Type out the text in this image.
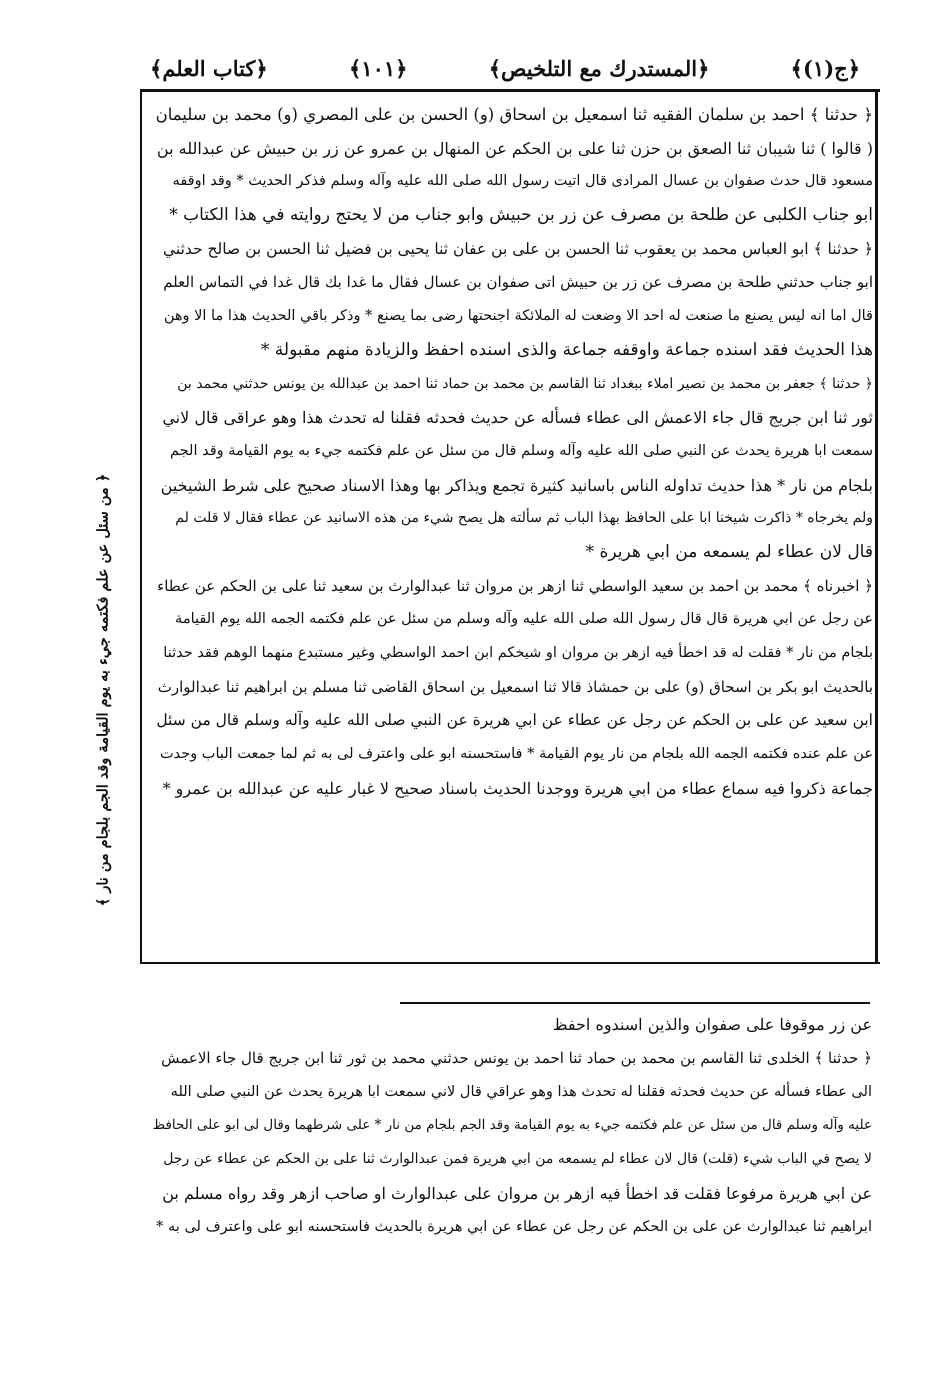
﴿ج(١)﴾
﴿المستدرك مع التلخيص﴾
﴿١٠١﴾
﴿كتاب العلم﴾
﴿ حدثنا ﴾ احمد بن سلمان الفقيه ثنا اسمعيل بن اسحاق (و) الحسن بن على المصري (و) محمد بن سليمان
( قالوا ) ثنا شيبان ثنا الصعق بن حزن ثنا على بن الحكم عن المنهال بن عمرو عن زر بن حبيش عن عبدالله بن
مسعود قال حدث صفوان بن عسال المرادى قال اتيت رسول الله صلى الله عليه وآله وسلم فذكر الحديث * وقد اوقفه
ابو جناب الكلبى عن طلحة بن مصرف عن زر بن حبيش وابو جناب من لا يحتج روايته في هذا الكتاب *
﴿ حدثنا ﴾ ابو العباس محمد بن يعقوب ثنا الحسن بن على بن عفان ثنا يحيى بن فضيل ثنا الحسن بن صالح حدثني
ابو جناب حدثني طلحة بن مصرف عن زر بن حبيش اتى صفوان بن عسال فقال ما غدا بك قال غدا في التماس العلم
قال اما انه ليس يصنع ما صنعت له احد الا وضعت له الملائكة اجنحتها رضى بما يصنع * وذكر باقي الحديث هذا ما الا وهن
هذا الحديث فقد اسنده جماعة واوقفه جماعة والذى اسنده احفظ والزيادة منهم مقبولة *
﴿ حدثنا ﴾ جعفر بن محمد بن نصير املاء ببغداد ثنا القاسم بن محمد بن حماد ثنا احمد بن عبدالله بن يونس حدثني محمد بن
ثور ثنا ابن جريج قال جاء الاعمش الى عطاء فسأله عن حديث فحدثه فقلنا له تحدث هذا وهو عراقى قال لاني
سمعت ابا هريرة يحدث عن النبي صلى الله عليه وآله وسلم قال من سئل عن علم فكتمه جيء به يوم القيامة وقد الجم
بلجام من نار * هذا حديث تداوله الناس باسانيد كثيرة تجمع ويذاكر بها وهذا الاسناد صحيح على شرط الشيخين
ولم يخرجاه * ذاكرت شيخنا ابا على الحافظ بهذا الباب ثم سألته هل يصح شيء من هذه الاسانيد عن عطاء فقال لا قلت لم
قال لان عطاء لم يسمعه من ابي هريرة *
﴿ اخبرناه ﴾ محمد بن احمد بن سعيد الواسطي ثنا ازهر بن مروان ثنا عبدالوارث بن سعيد ثنا على بن الحكم عن عطاء
عن رجل عن ابي هريرة قال قال رسول الله صلى الله عليه وآله وسلم من سئل عن علم فكتمه الجمه الله يوم القيامة
بلجام من نار * فقلت له قد اخطأ فيه ازهر بن مروان او شيخكم ابن احمد الواسطي وغير مستبدع منهما الوهم فقد حدثنا
بالحديث ابو بكر بن اسحاق (و) على بن حمشاذ قالا ثنا اسمعيل بن اسحاق القاضى ثنا مسلم بن ابراهيم ثنا عبدالوارث
ابن سعيد عن على بن الحكم عن رجل عن عطاء عن ابي هريرة عن النبي صلى الله عليه وآله وسلم قال من سئل
عن علم عنده فكتمه الجمه الله بلجام من نار يوم القيامة * فاستحسنه ابو على واعترف لى به ثم لما جمعت الباب وجدت
جماعة ذكروا فيه سماع عطاء من ابي هريرة ووجدنا الحديث باسناد صحيح لا غبار عليه عن عبدالله بن عمرو *
﴿ من سئل عن علم فكتمه جيء به يوم القيامة وقد الجم بلجام من نار ﴾
عن زر موقوفا على صفوان والذين اسندوه احفظ
﴿ حدثنا ﴾ الخلدى ثنا القاسم بن محمد بن حماد ثنا احمد بن يونس حدثني محمد بن ثور ثنا ابن جريج قال جاء الاعمش
الى عطاء فسأله عن حديث فحدثه فقلنا له تحدث هذا وهو عراقي قال لاني سمعت ابا هريرة يحدث عن النبي صلى الله
عليه وآله وسلم قال من سئل عن علم فكتمه جيء به يوم القيامة وقد الجم بلجام من نار * على شرطهما وقال لى ابو على الحافظ
لا يصح في الباب شيء (قلت) قال لان عطاء لم يسمعه من ابي هريرة فمن عبدالوارث ثنا على بن الحكم عن عطاء عن رجل
عن ابي هريرة مرفوعا فقلت قد اخطأ فيه ازهر بن مروان على عبدالوارث او صاحب ازهر وقد رواه مسلم بن
ابراهيم ثنا عبدالوارث عن على بن الحكم عن رجل عن عطاء عن ابي هريرة بالحديث فاستحسنه ابو على واعترف لى به *
